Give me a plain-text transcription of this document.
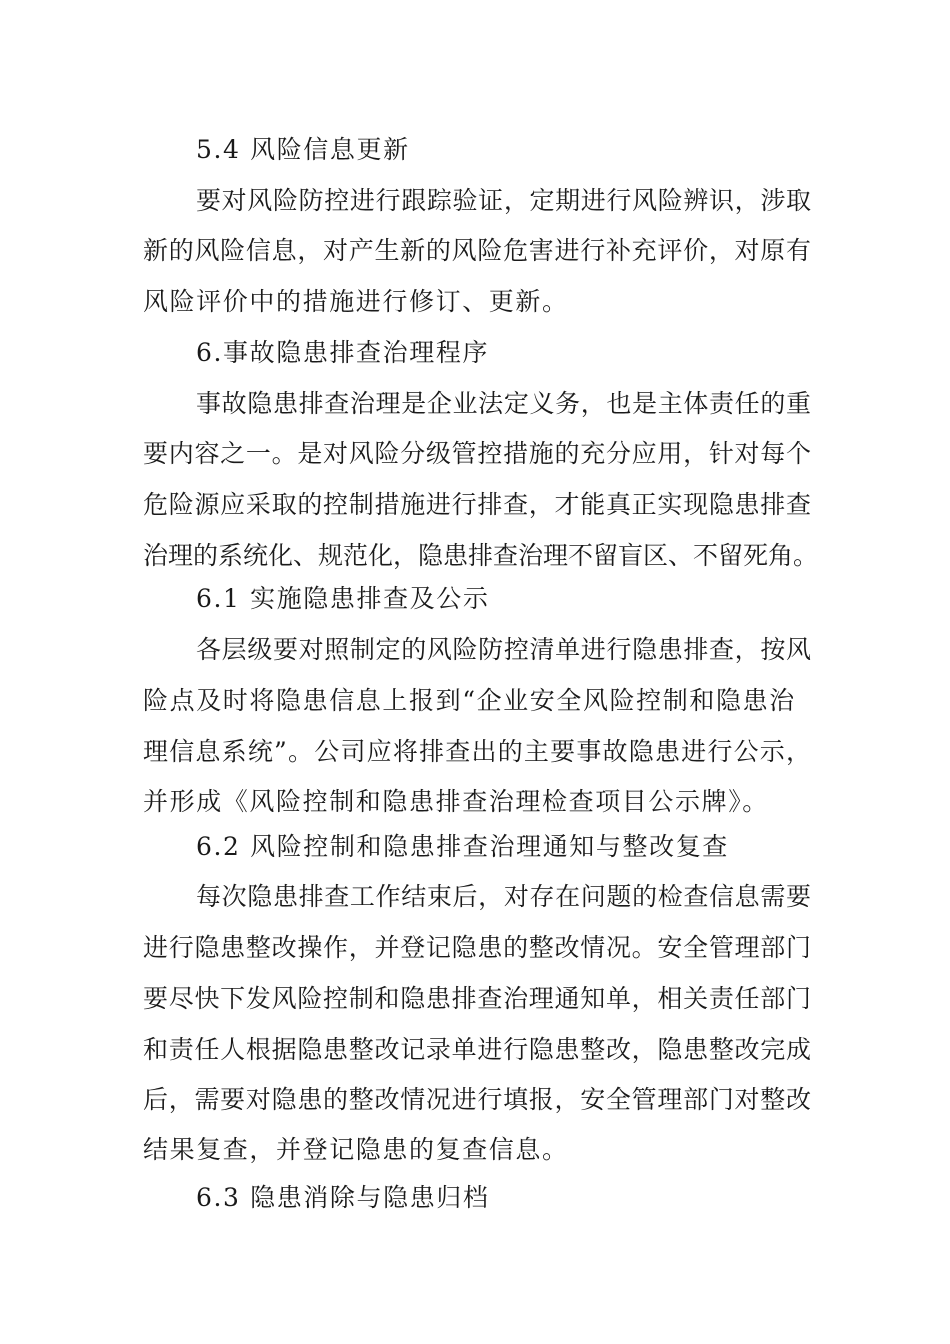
5.4 风险信息更新
要对风险防控进行跟踪验证，定期进行风险辨识，涉取
新的风险信息，对产生新的风险危害进行补充评价，对原有
风险评价中的措施进行修订、更新。
6.事故隐患排查治理程序
事故隐患排查治理是企业法定义务，也是主体责任的重
要内容之一。是对风险分级管控措施的充分应用，针对每个
危险源应采取的控制措施进行排查，才能真正实现隐患排查
治理的系统化、规范化，隐患排查治理不留盲区、不留死角。
6.1 实施隐患排查及公示
各层级要对照制定的风险防控清单进行隐患排查，按风
险点及时将隐患信息上报到“企业安全风险控制和隐患治
理信息系统”。公司应将排查出的主要事故隐患进行公示，
并形成《风险控制和隐患排查治理检查项目公示牌》。
6.2 风险控制和隐患排查治理通知与整改复查
每次隐患排查工作结束后，对存在问题的检查信息需要
进行隐患整改操作，并登记隐患的整改情况。安全管理部门
要尽快下发风险控制和隐患排查治理通知单，相关责任部门
和责任人根据隐患整改记录单进行隐患整改，隐患整改完成
后，需要对隐患的整改情况进行填报，安全管理部门对整改
结果复查，并登记隐患的复查信息。
6.3 隐患消除与隐患归档
